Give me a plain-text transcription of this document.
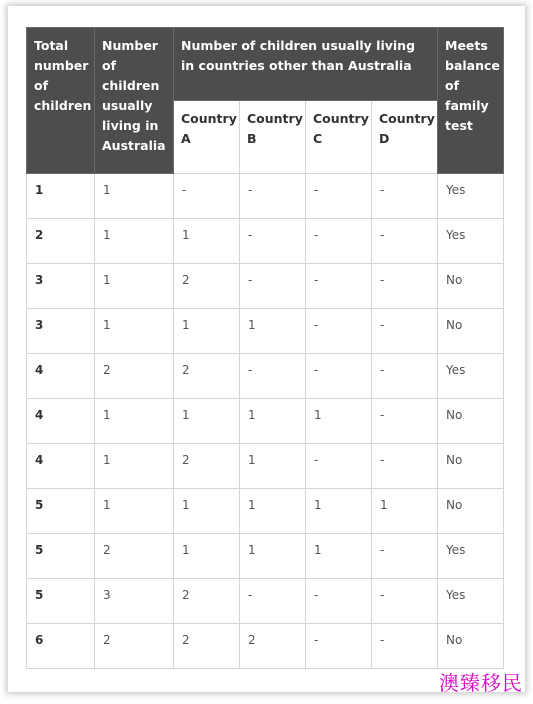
Total number of children	Number of children usually living in Australia	Number of children usually living in countries other than Australia				Meets balance of family test
		Country A	Country B	Country C	Country D	
1	1	-	-	-	-	Yes
2	1	1	-	-	-	Yes
3	1	2	-	-	-	No
3	1	1	1	-	-	No
4	2	2	-	-	-	Yes
4	1	1	1	1	-	No
4	1	2	1	-	-	No
5	1	1	1	1	1	No
5	2	1	1	1	-	Yes
5	3	2	-	-	-	Yes
6	2	2	2	-	-	No
澳臻移民
